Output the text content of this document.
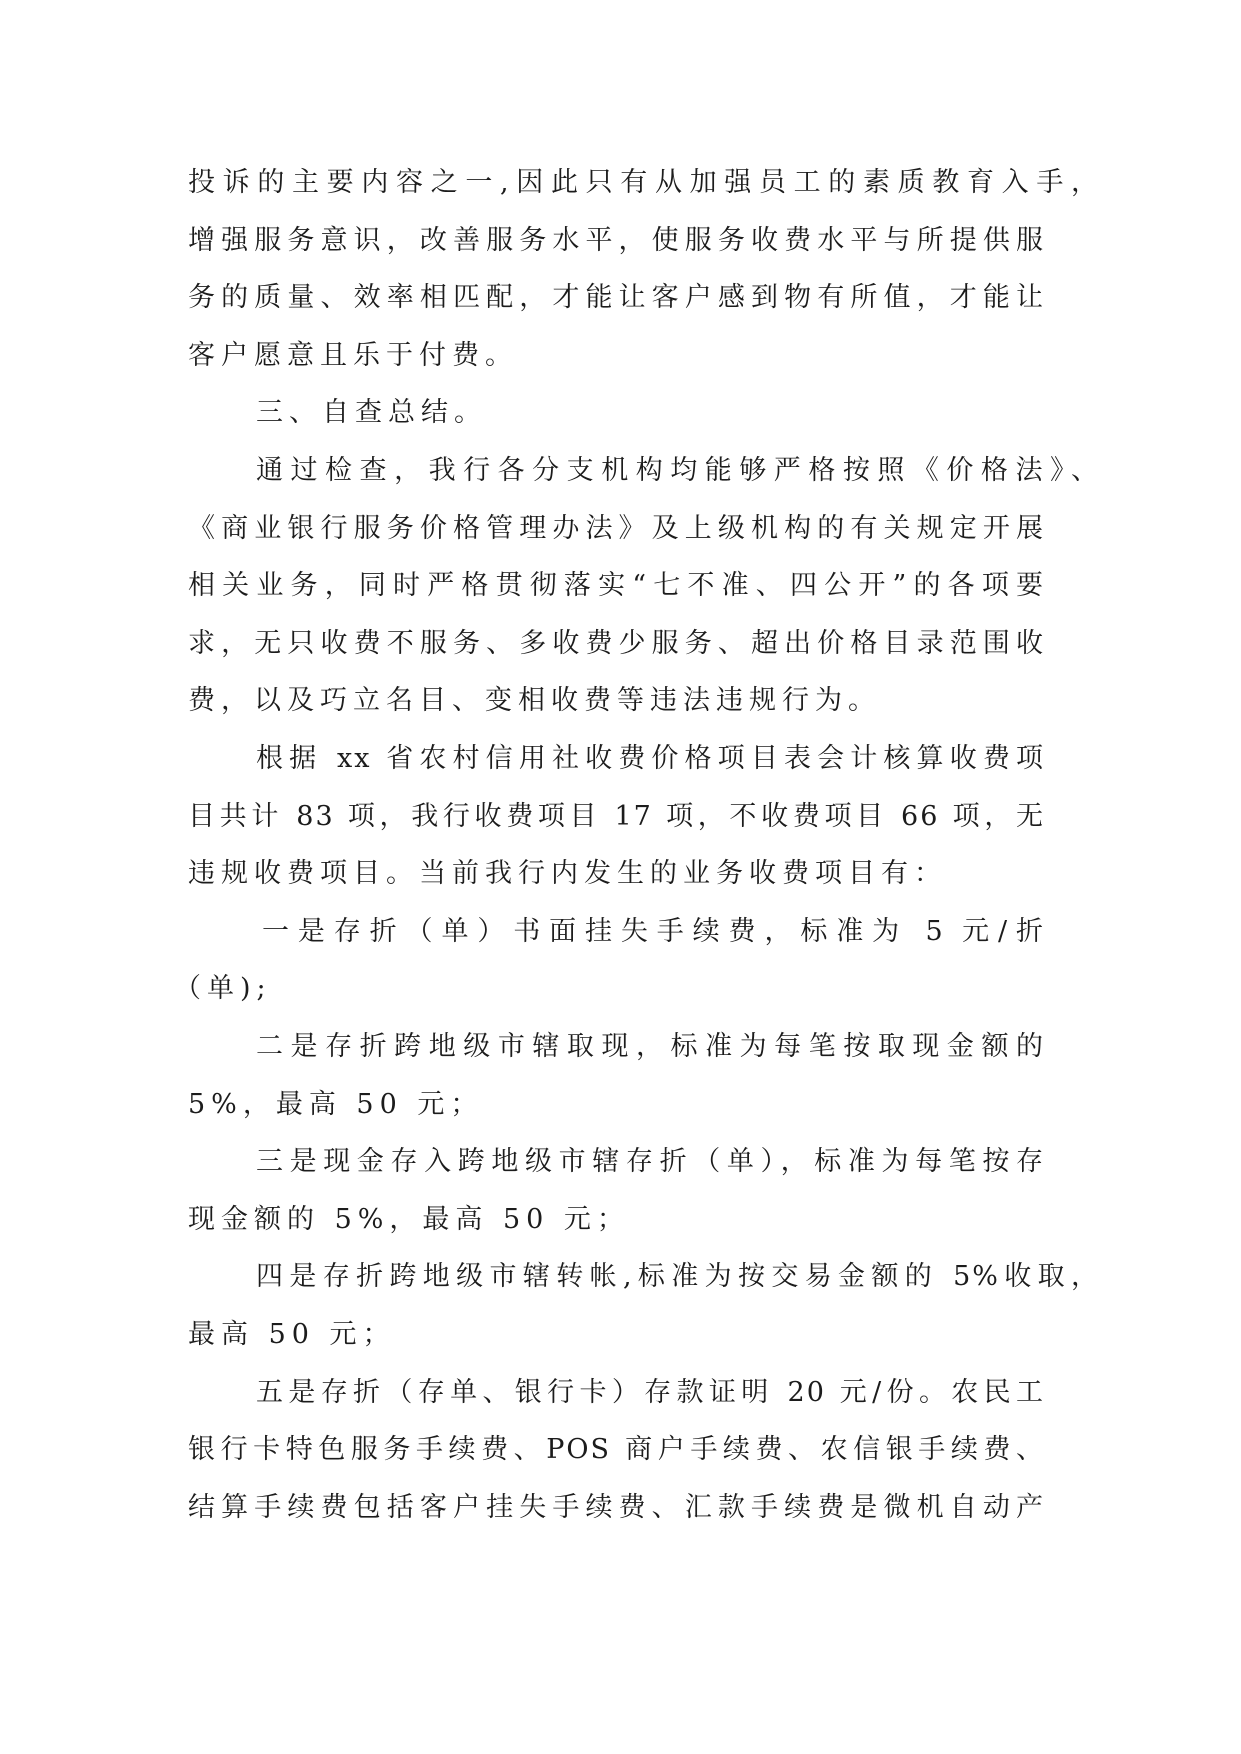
投诉的主要内容之一,因此只有从加强员工的素质教育入手，
增强服务意识，改善服务水平，使服务收费水平与所提供服
务的质量、效率相匹配，才能让客户感到物有所值，才能让
客户愿意且乐于付费。
三、自查总结。
通过检查，我行各分支机构均能够严格按照《价格法》、
《商业银行服务价格管理办法》及上级机构的有关规定开展
相关业务，同时严格贯彻落实“七不准、四公开”的各项要
求，无只收费不服务、多收费少服务、超出价格目录范围收
费，以及巧立名目、变相收费等违法违规行为。
根据 xx 省农村信用社收费价格项目表会计核算收费项
目共计 83 项，我行收费项目 17 项，不收费项目 66 项，无
违规收费项目。当前我行内发生的业务收费项目有：
一是存折（单）书面挂失手续费，标准为 5 元/折
（单);
二是存折跨地级市辖取现，标准为每笔按取现金额的
5%，最高 50 元；
三是现金存入跨地级市辖存折（单），标准为每笔按存
现金额的 5%，最高 50 元；
四是存折跨地级市辖转帐,标准为按交易金额的 5%收取，
最高 50 元；
五是存折（存单、银行卡）存款证明 20 元/份。农民工
银行卡特色服务手续费、POS 商户手续费、农信银手续费、
结算手续费包括客户挂失手续费、汇款手续费是微机自动产
